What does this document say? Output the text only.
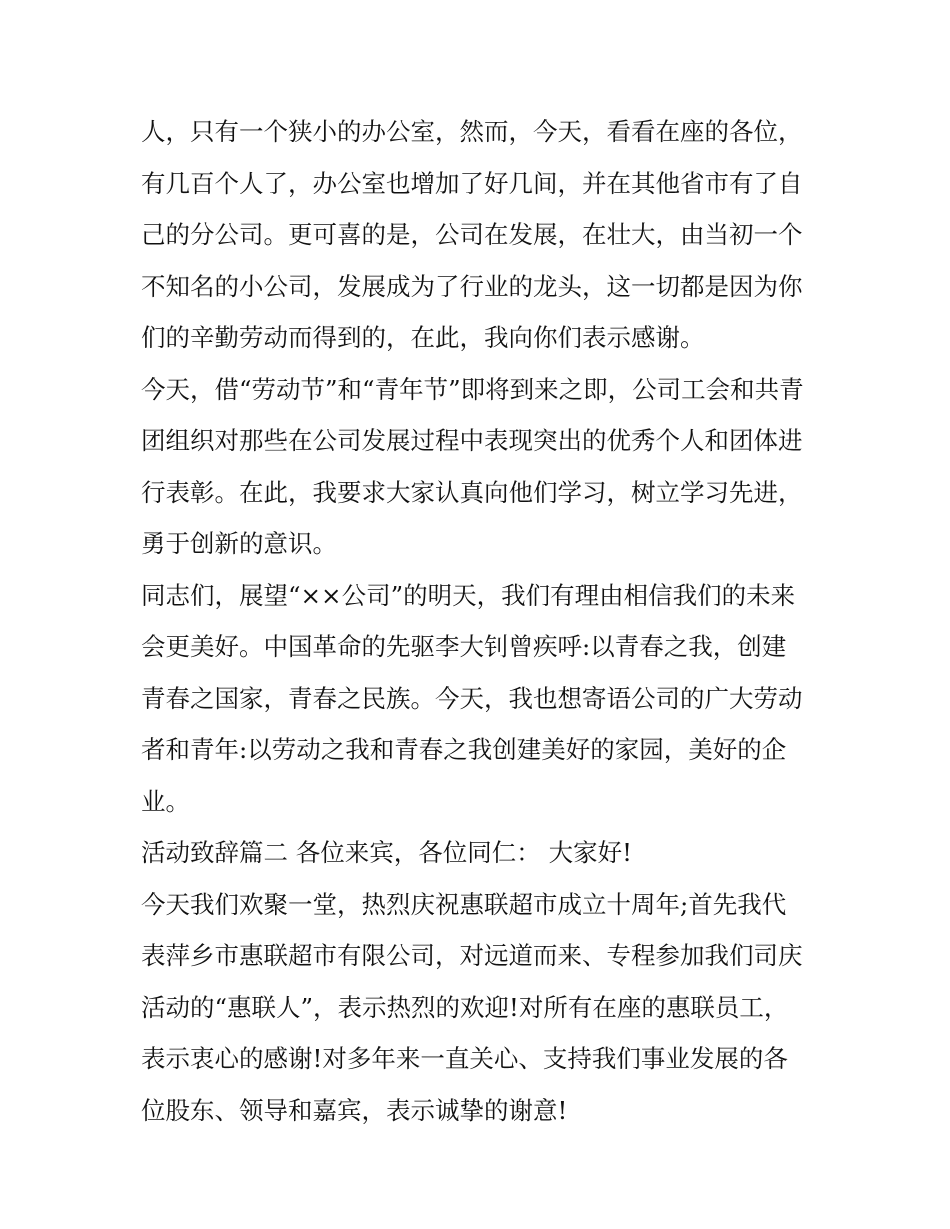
人，只有一个狭小的办公室，然而，今天，看看在座的各位，
有几百个人了，办公室也增加了好几间，并在其他省市有了自
己的分公司。更可喜的是，公司在发展，在壮大，由当初一个
不知名的小公司，发展成为了行业的龙头，这一切都是因为你
们的辛勤劳动而得到的，在此，我向你们表示感谢。
今天，借“劳动节”和“青年节”即将到来之即，公司工会和共青
团组织对那些在公司发展过程中表现突出的优秀个人和团体进
行表彰。在此，我要求大家认真向他们学习，树立学习先进，
勇于创新的意识。
同志们，展望“××公司”的明天，我们有理由相信我们的未来
会更美好。中国革命的先驱李大钊曾疾呼:以青春之我，创建
青春之国家，青春之民族。今天，我也想寄语公司的广大劳动
者和青年:以劳动之我和青春之我创建美好的家园，美好的企
业。
活动致辞篇二 各位来宾，各位同仁： 大家好!
今天我们欢聚一堂，热烈庆祝惠联超市成立十周年;首先我代
表萍乡市惠联超市有限公司，对远道而来、专程参加我们司庆
活动的“惠联人”，表示热烈的欢迎!对所有在座的惠联员工，
表示衷心的感谢!对多年来一直关心、支持我们事业发展的各
位股东、领导和嘉宾，表示诚挚的谢意!
